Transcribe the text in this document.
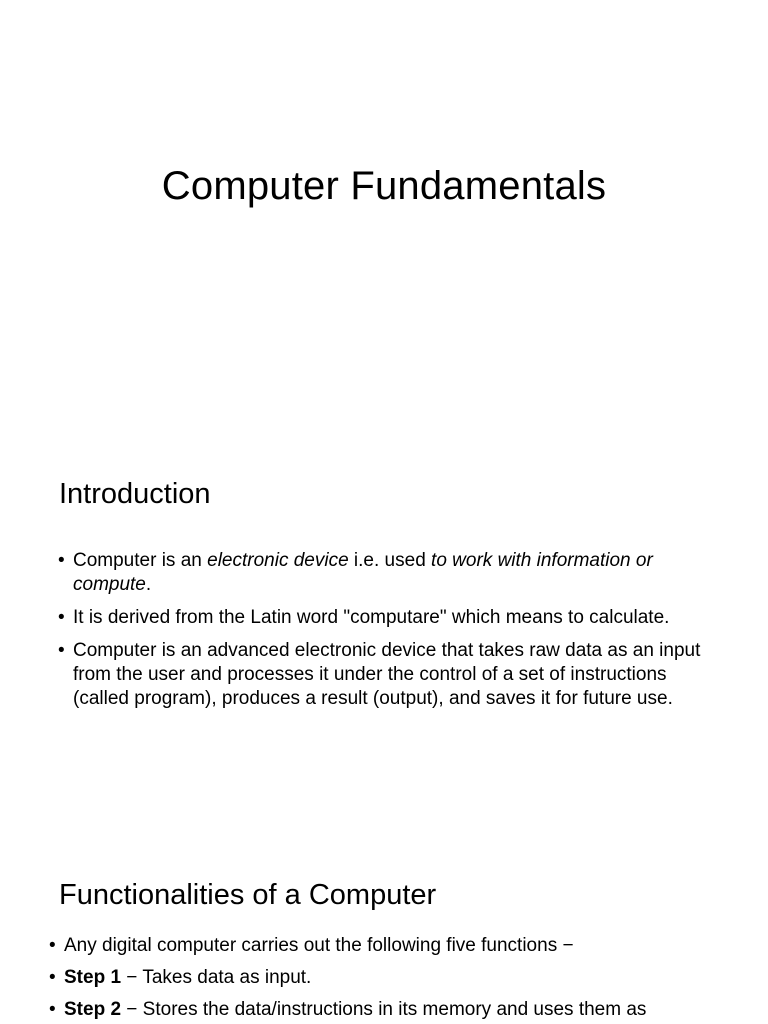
Computer Fundamentals
Introduction
• Computer is an electronic device i.e. used to work with information or compute.
• It is derived from the Latin word "computare" which means to calculate.
• Computer is an advanced electronic device that takes raw data as an input from the user and processes it under the control of a set of instructions (called program), produces a result (output), and saves it for future use.
Functionalities of a Computer
• Any digital computer carries out the following five functions −
• Step 1 − Takes data as input.
• Step 2 − Stores the data/instructions in its memory and uses them as
